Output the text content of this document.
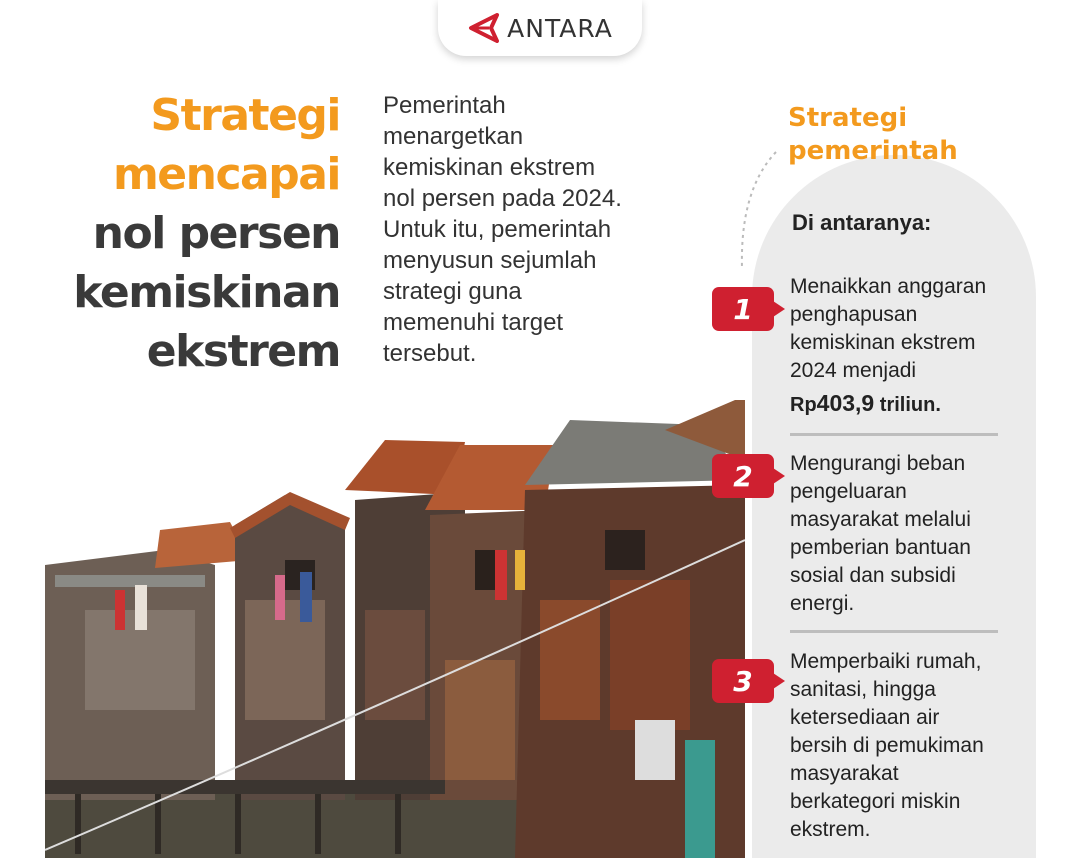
ANTARA
Strategi
mencapai
nol persen
kemiskinan
ekstrem
Pemerintah
menargetkan
kemiskinan ekstrem
nol persen pada 2024.
Untuk itu, pemerintah
menyusun sejumlah
strategi guna
memenuhi target
tersebut.
Strategi
pemerintah
Di antaranya:
1
Menaikkan anggaran
penghapusan
kemiskinan ekstrem
2024 menjadi
Rp403,9 triliun.
2	Mengurangi beban
pengeluaran
masyarakat melalui
pemberian bantuan
sosial dan subsidi
energi.
3
Memperbaiki rumah,
sanitasi, hingga
ketersediaan air
bersih di pemukiman
masyarakat
berkategori miskin
ekstrem.
